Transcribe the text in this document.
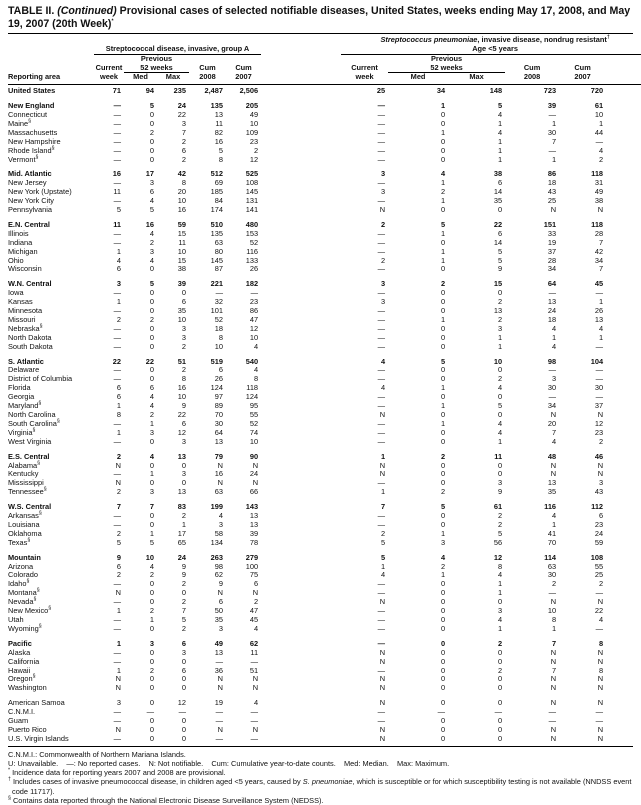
TABLE II. (Continued) Provisional cases of selected notifiable diseases, United States, weeks ending May 17, 2008, and May 19, 2007 (20th Week)*
	Streptococcal disease, invasive, group A						Streptococcus pneumoniae, invasive disease, nondrug resistant†
Age <5 years					

	Current	
Previous
52 weeks	Cum	Cum		Current	
Previous
52 weeks	Cum	Cum	
Reporting area	week	Med	Max	2008	2007		week	Med	Max	2008	2007	
United States	71	94	235	2,487	2,506		25	34	148	723	720	
New England	—	5	24	135	205		—	1	5	39	61	
Connecticut	—	0	22	13	49		—	0	4	—	10	
Maine§	—	0	3	11	10		—	0	1	1	1	
Massachusetts	—	2	7	82	109		—	1	4	30	44	
New Hampshire	—	0	2	16	23		—	0	1	7	—	
Rhode Island§	—	0	6	5	2		—	0	1	—	4	
Vermont§	—	0	2	8	12		—	0	1	1	2	
Mid. Atlantic	16	17	42	512	525		3	4	38	86	118	
New Jersey	—	3	8	69	108		—	1	6	18	31	
New York (Upstate)	11	6	20	185	145		3	2	14	43	49	
New York City	—	4	10	84	131		—	1	35	25	38	
Pennsylvania	5	5	16	174	141		N	0	0	N	N	
E.N. Central	11	16	59	510	480		2	5	22	151	118	
Illinois	—	4	15	135	153		—	1	6	33	28	
Indiana	—	2	11	63	52		—	0	14	19	7	
Michigan	1	3	10	80	116		—	1	5	37	42	
Ohio	4	4	15	145	133		2	1	5	28	34	
Wisconsin	6	0	38	87	26		—	0	9	34	7	
W.N. Central	3	5	39	221	182		3	2	15	64	45	
Iowa	—	0	0	—	—		—	0	0	—	—	
Kansas	1	0	6	32	23		3	0	2	13	1	
Minnesota	—	0	35	101	86		—	0	13	24	26	
Missouri	2	2	10	52	47		—	1	2	18	13	
Nebraska§	—	0	3	18	12		—	0	3	4	4	
North Dakota	—	0	3	8	10		—	0	1	1	1	
South Dakota	—	0	2	10	4		—	0	1	4	—	
S. Atlantic	22	22	51	519	540		4	5	10	98	104	
Delaware	—	0	2	6	4		—	0	0	—	—	
District of Columbia	—	0	8	26	8		—	0	2	3	—	
Florida	6	6	16	124	118		4	1	4	30	30	
Georgia	6	4	10	97	124		—	0	0	—	—	
Maryland§	1	4	9	89	95		—	1	5	34	37	
North Carolina	8	2	22	70	55		N	0	0	N	N	
South Carolina§	—	1	6	30	52		—	1	4	20	12	
Virginia§	1	3	12	64	74		—	0	4	7	23	
West Virginia	—	0	3	13	10		—	0	1	4	2	
E.S. Central	2	4	13	79	90		1	2	11	48	46	
Alabama§	N	0	0	N	N		N	0	0	N	N	
Kentucky	—	1	3	16	24		N	0	0	N	N	
Mississippi	N	0	0	N	N		—	0	3	13	3	
Tennessee§	2	3	13	63	66		1	2	9	35	43	
W.S. Central	7	7	83	199	143		7	5	61	116	112	
Arkansas§	—	0	2	4	13		—	0	2	4	6	
Louisiana	—	0	1	3	13		—	0	2	1	23	
Oklahoma	2	1	17	58	39		2	1	5	41	24	
Texas§	5	5	65	134	78		5	3	56	70	59	
Mountain	9	10	24	263	279		5	4	12	114	108	
Arizona	6	4	9	98	100		1	2	8	63	55	
Colorado	2	2	9	62	75		4	1	4	30	25	
Idaho§	—	0	2	9	6		—	0	1	2	2	
Montana§	N	0	0	N	N		—	0	1	—	—	
Nevada§	—	0	2	6	2		N	0	0	N	N	
New Mexico§	1	2	7	50	47		—	0	3	10	22	
Utah	—	1	5	35	45		—	0	4	8	4	
Wyoming§	—	0	2	3	4		—	0	1	1	—	
Pacific	1	3	6	49	62		—	0	2	7	8	
Alaska	—	0	3	13	11		N	0	0	N	N	
California	—	0	0	—	—		N	0	0	N	N	
Hawaii	1	2	6	36	51		—	0	2	7	8	
Oregon§	N	0	0	N	N		N	0	0	N	N	
Washington	N	0	0	N	N		N	0	0	N	N	
American Samoa	3	0	12	19	4		N	0	0	N	N	
C.N.M.I.	—	—	—	—	—		—	—	—	—	—	
Guam	—	0	0	—	—		—	0	0	—	—	
Puerto Rico	N	0	0	N	N		N	0	0	N	N	
U.S. Virgin Islands	—	0	0	—	—		N	0	0	N	N	
C.N.M.I.: Commonwealth of Northern Mariana Islands.
U: Unavailable.    —: No reported cases.    N: Not notifiable.    Cum: Cumulative year-to-date counts.    Med: Median.    Max: Maximum.
* Incidence data for reporting years 2007 and 2008 are provisional.
† Includes cases of invasive pneumococcal disease, in children aged <5 years, caused by S. pneumoniae, which is susceptible or for which susceptibility testing is not available (NNDSS event code 11717).
§ Contains data reported through the National Electronic Disease Surveillance System (NEDSS).
